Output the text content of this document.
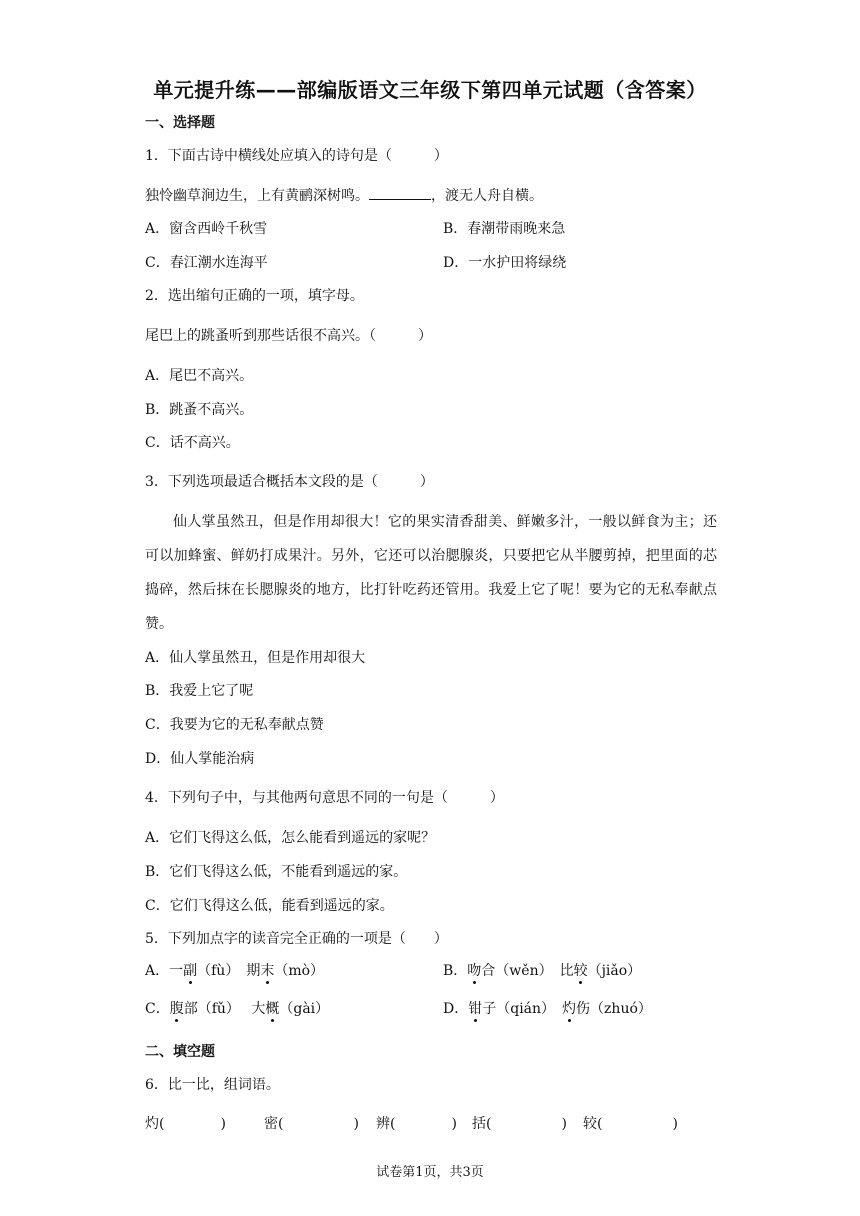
单元提升练——部编版语文三年级下第四单元试题（含答案）
一、选择题
1．下面古诗中横线处应填入的诗句是（　　　）
独怜幽草涧边生，上有黄鹂深树鸣。	，渡无人舟自横。
A．窗含西岭千秋雪	B．春潮带雨晚来急
C．春江潮水连海平	D．一水护田将绿绕
2．选出缩句正确的一项，填字母。
尾巴上的跳蚤听到那些话很不高兴。（　　　）
A．尾巴不高兴。
B．跳蚤不高兴。
C．话不高兴。
3．下列选项最适合概括本文段的是（　　　）
仙人掌虽然丑，但是作用却很大！它的果实清香甜美、鲜嫩多汁，一般以鲜食为主；还可以加蜂蜜、鲜奶打成果汁。另外，它还可以治腮腺炎，只要把它从半腰剪掉，把里面的芯捣碎，然后抹在长腮腺炎的地方，比打针吃药还管用。我爱上它了呢！要为它的无私奉献点赞。
A．仙人掌虽然丑，但是作用却很大
B．我爱上它了呢
C．我要为它的无私奉献点赞
D．仙人掌能治病
4．下列句子中，与其他两句意思不同的一句是（　　　）
A．它们飞得这么低，怎么能看到遥远的家呢？
B．它们飞得这么低，不能看到遥远的家。
C．它们飞得这么低，能看到遥远的家。
5．下列加点字的读音完全正确的一项是（　　）
A．一副（fù）　期末（mò）	B．吻合（wěn）　比较（jiǎo）
C．腹部（fǔ）　 大概（gài）	D．钳子（qián）　灼伤（zhuó）
二、填空题
6．比一比，组词语。
灼(　　　　)	密(　　　　　) 辨(　　　　) 括(　　　　　) 较(　　　　　)
试卷第1页，共3页
